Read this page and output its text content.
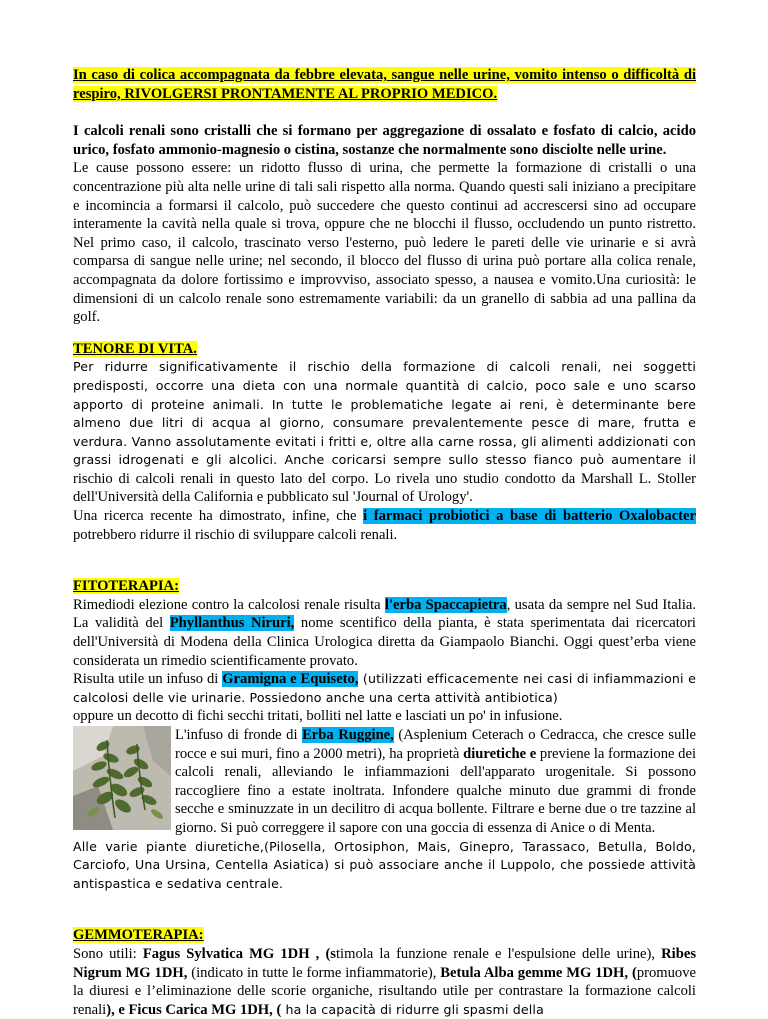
In caso di colica accompagnata da febbre elevata, sangue nelle urine, vomito intenso o difficoltà di respiro, RIVOLGERSI PRONTAMENTE AL PROPRIO MEDICO.

I calcoli renali sono cristalli che si formano per aggregazione di ossalato e fosfato di calcio, acido urico, fosfato ammonio-magnesio o cistina, sostanze che normalmente sono disciolte nelle urine.
Le cause possono essere: un ridotto flusso di urina, che permette la formazione di cristalli o una concentrazione più alta nelle urine di tali sali rispetto alla norma. Quando questi sali iniziano a precipitare e incomincia a formarsi il calcolo, può succedere che questo continui ad accrescersi sino ad occupare interamente la cavità nella quale si trova, oppure che ne blocchi il flusso, occludendo un punto ristretto. Nel primo caso, il calcolo, trascinato verso l'esterno, può ledere le pareti delle vie urinarie e si avrà comparsa di sangue nelle urine; nel secondo, il blocco del flusso di urina può portare alla colica renale, accompagnata da dolore fortissimo e improvviso, associato spesso, a nausea e vomito.Una curiosità: le dimensioni di un calcolo renale sono estremamente variabili: da un granello di sabbia ad una pallina da golf.

TENORE DI VITA.

Per ridurre significativamente il rischio della formazione di calcoli renali, nei soggetti predisposti, occorre una dieta con una normale quantità di calcio, poco sale e uno scarso apporto di proteine animali. In tutte le problematiche legate ai reni, è determinante bere almeno due litri di acqua al giorno, consumare prevalentemente pesce di mare, frutta e verdura. Vanno assolutamente evitati i fritti e, oltre alla carne rossa, gli alimenti addizionati con grassi idrogenati e gli alcolici. Anche coricarsi sempre sullo stesso fianco può aumentare il rischio di calcoli renali in questo lato del corpo. Lo rivela uno studio condotto da Marshall L. Stoller dell'Università della California e pubblicato sul 'Journal of Urology'.
Una ricerca recente ha dimostrato, infine, che i farmaci probiotici a base di batterio Oxalobacter potrebbero ridurre il rischio di sviluppare calcoli renali.

FITOTERAPIA:

Rimediodi elezione contro la calcolosi renale risulta l'erba Spaccapietra, usata da sempre nel Sud Italia. La validità del Phyllanthus Niruri, nome scentifico della pianta, è stata sperimentata dai ricercatori dell'Università di Modena della Clinica Urologica diretta da Giampaolo Bianchi. Oggi quest’erba viene considerata un rimedio scientificamente provato.

Risulta utile un infuso di Gramigna e Equiseto, (utilizzati efficacemente nei casi di infiammazioni e calcolosi delle vie urinarie. Possiedono anche una certa attività antibiotica)
oppure un decotto di fichi secchi tritati, bolliti nel latte e lasciati un po' in infusione.

L'infuso di fronde di Erba Ruggine, (Asplenium Ceterach o Cedracca, che cresce sulle rocce e sui muri, fino a 2000 metri), ha proprietà diuretiche e previene la formazione dei calcoli renali, alleviando le infiammazioni dell'apparato urogenitale. Si possono raccogliere fino a estate inoltrata. Infondere qualche minuto due grammi di fronde secche e sminuzzate in un decilitro di acqua bollente. Filtrare e berne due o tre tazzine al giorno. Si può correggere il sapore con una goccia di essenza di Anice o di Menta.

Alle varie piante diuretiche,(Pilosella, Ortosiphon, Mais, Ginepro, Tarassaco, Betulla, Boldo, Carciofo, Una Ursina, Centella Asiatica) si può associare anche il Luppolo, che possiede attività antispastica e sedativa centrale.

GEMMOTERAPIA:

Sono utili: Fagus Sylvatica MG 1DH , (stimola la funzione renale e l'espulsione delle urine), Ribes Nigrum MG 1DH, (indicato in tutte le forme infiammatorie), Betula Alba gemme MG 1DH, (promuove la diuresi e l’eliminazione delle scorie organiche, risultando utile per contrastare la formazione calcoli renali), e Ficus Carica MG 1DH, ( ha la capacità di ridurre gli spasmi della
